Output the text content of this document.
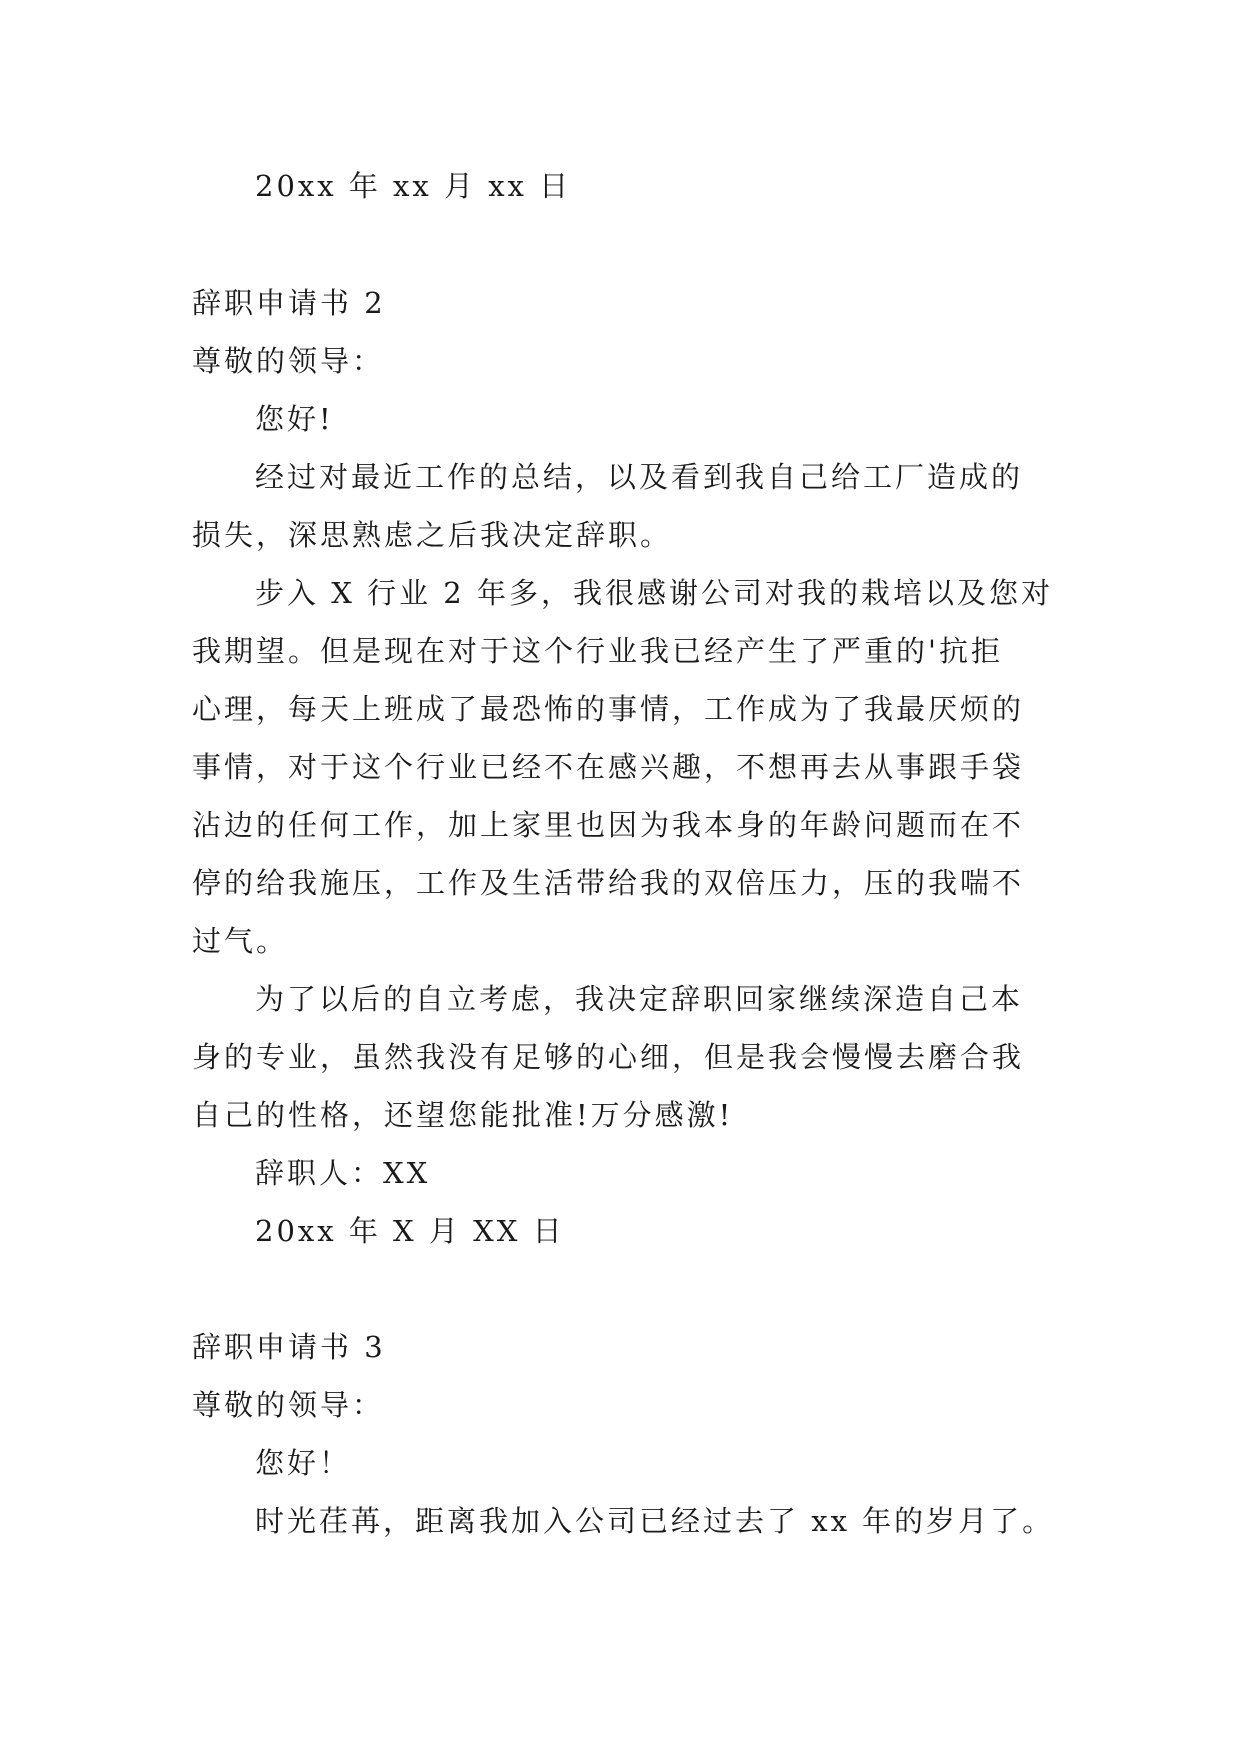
20xx 年 xx 月 xx 日
辞职申请书 2
尊敬的领导：
您好!
经过对最近工作的总结，以及看到我自己给工厂造成的
损失，深思熟虑之后我决定辞职。
步入 X 行业 2 年多，我很感谢公司对我的栽培以及您对
我期望。但是现在对于这个行业我已经产生了严重的'抗拒
心理，每天上班成了最恐怖的事情，工作成为了我最厌烦的
事情，对于这个行业已经不在感兴趣，不想再去从事跟手袋
沾边的任何工作，加上家里也因为我本身的年龄问题而在不
停的给我施压，工作及生活带给我的双倍压力，压的我喘不
过气。
为了以后的自立考虑，我决定辞职回家继续深造自己本
身的专业，虽然我没有足够的心细，但是我会慢慢去磨合我
自己的性格，还望您能批准!万分感激!
辞职人：XX
20xx 年 X 月 XX 日
辞职申请书 3
尊敬的领导：
您好！
时光荏苒，距离我加入公司已经过去了 xx 年的岁月了。
